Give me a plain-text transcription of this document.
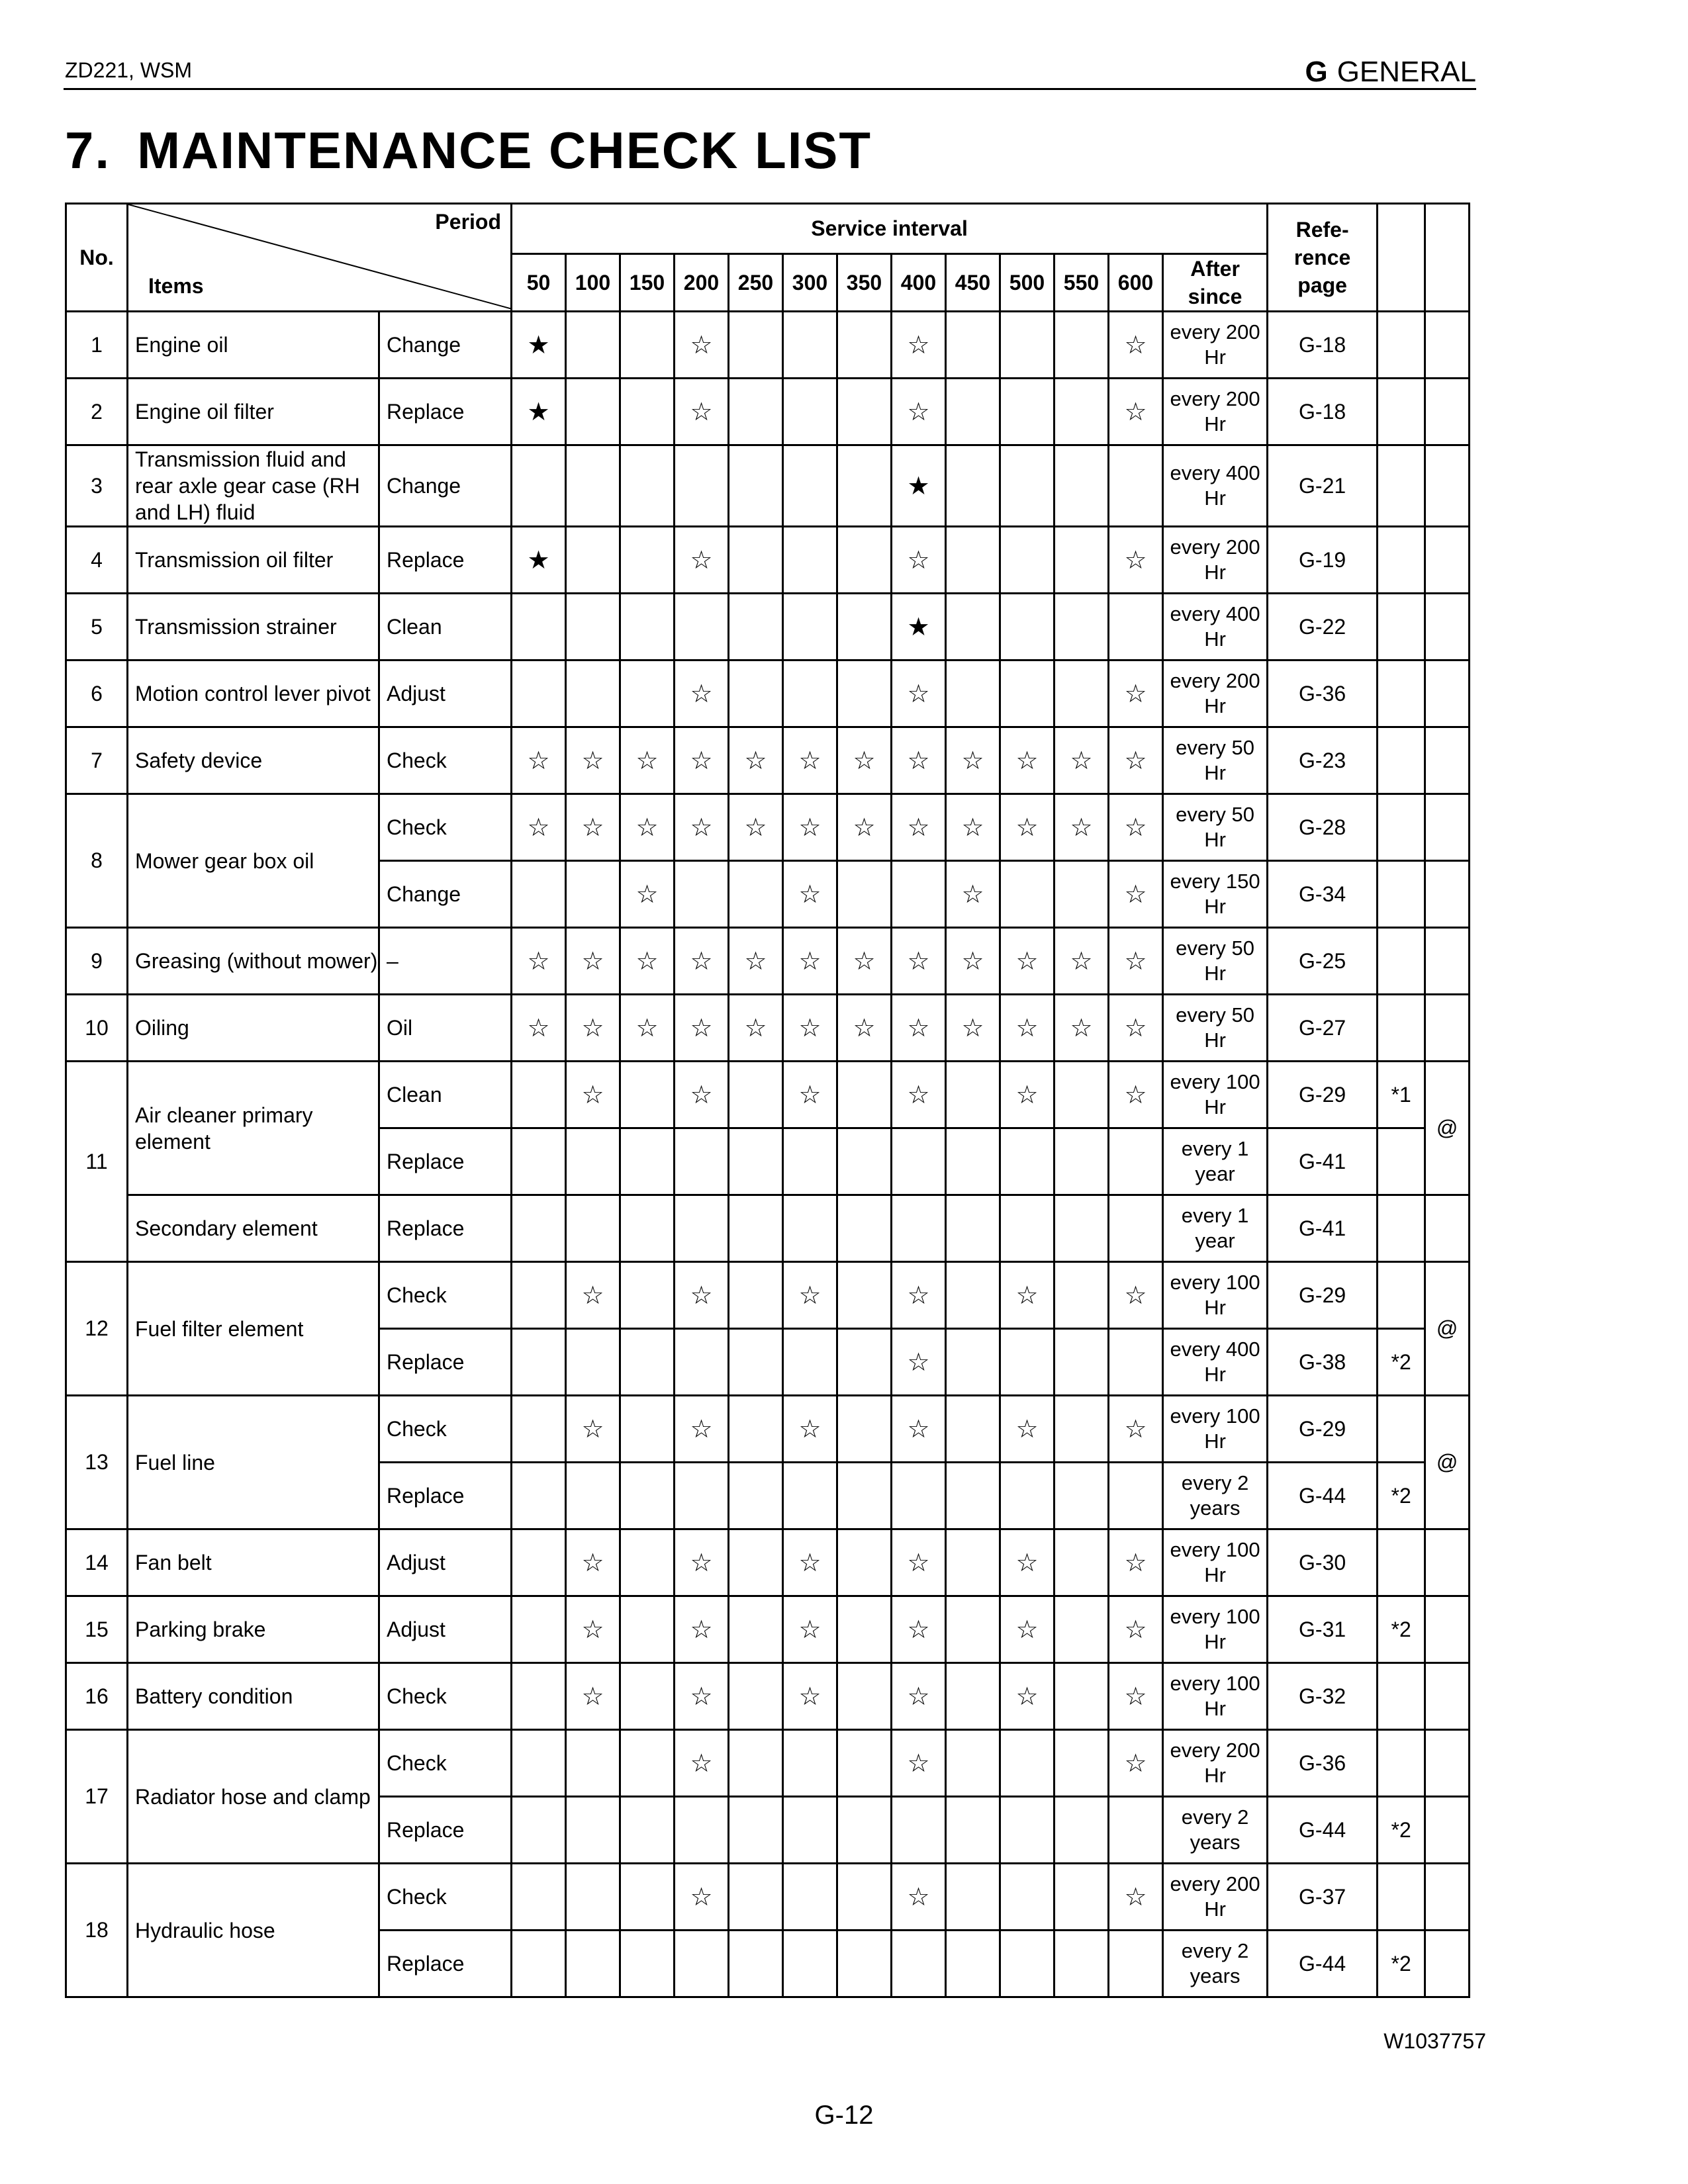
ZD221, WSM	G GENERAL
7. MAINTENANCE CHECK LIST
No.	Period
Items		Service interval													Refe- rence page		
			50	100	150	200	250	300	350	400	450	500	550	600	After since			
1	Engine oil	Change	★			☆				☆				☆	every 200 Hr	G-18		
2	Engine oil filter	Replace	★			☆				☆				☆	every 200 Hr	G-18		
3	Transmission fluid and rear axle gear case (RH and LH) fluid	Change								★					every 400 Hr	G-21		
4	Transmission oil filter	Replace	★			☆				☆				☆	every 200 Hr	G-19		
5	Transmission strainer	Clean								★					every 400 Hr	G-22		
6	Motion control lever pivot	Adjust				☆				☆				☆	every 200 Hr	G-36		
7	Safety device	Check	☆	☆	☆	☆	☆	☆	☆	☆	☆	☆	☆	☆	every 50 Hr	G-23		
8	Mower gear box oil	Check	☆	☆	☆	☆	☆	☆	☆	☆	☆	☆	☆	☆	every 50 Hr	G-28		
		Change			☆			☆			☆			☆	every 150 Hr	G-34		
9	Greasing (without mower)	–	☆	☆	☆	☆	☆	☆	☆	☆	☆	☆	☆	☆	every 50 Hr	G-25		
10	Oiling	Oil	☆	☆	☆	☆	☆	☆	☆	☆	☆	☆	☆	☆	every 50 Hr	G-27		
11	Air cleaner primary element	Clean		☆		☆		☆		☆		☆		☆	every 100 Hr	G-29	*1	@
		Replace													every 1 year	G-41		
	Secondary element	Replace													every 1 year	G-41		
12	Fuel filter element	Check		☆		☆		☆		☆		☆		☆	every 100 Hr	G-29		@
		Replace								☆					every 400 Hr	G-38	*2	
13	Fuel line	Check		☆		☆		☆		☆		☆		☆	every 100 Hr	G-29		@
		Replace													every 2 years	G-44	*2	
14	Fan belt	Adjust		☆		☆		☆		☆		☆		☆	every 100 Hr	G-30		
15	Parking brake	Adjust		☆		☆		☆		☆		☆		☆	every 100 Hr	G-31	*2	
16	Battery condition	Check		☆		☆		☆		☆		☆		☆	every 100 Hr	G-32		
17	Radiator hose and clamp	Check				☆				☆				☆	every 200 Hr	G-36		
		Replace													every 2 years	G-44	*2	
18	Hydraulic hose	Check				☆				☆				☆	every 200 Hr	G-37		
		Replace													every 2 years	G-44	*2	
W1037757
G-12
